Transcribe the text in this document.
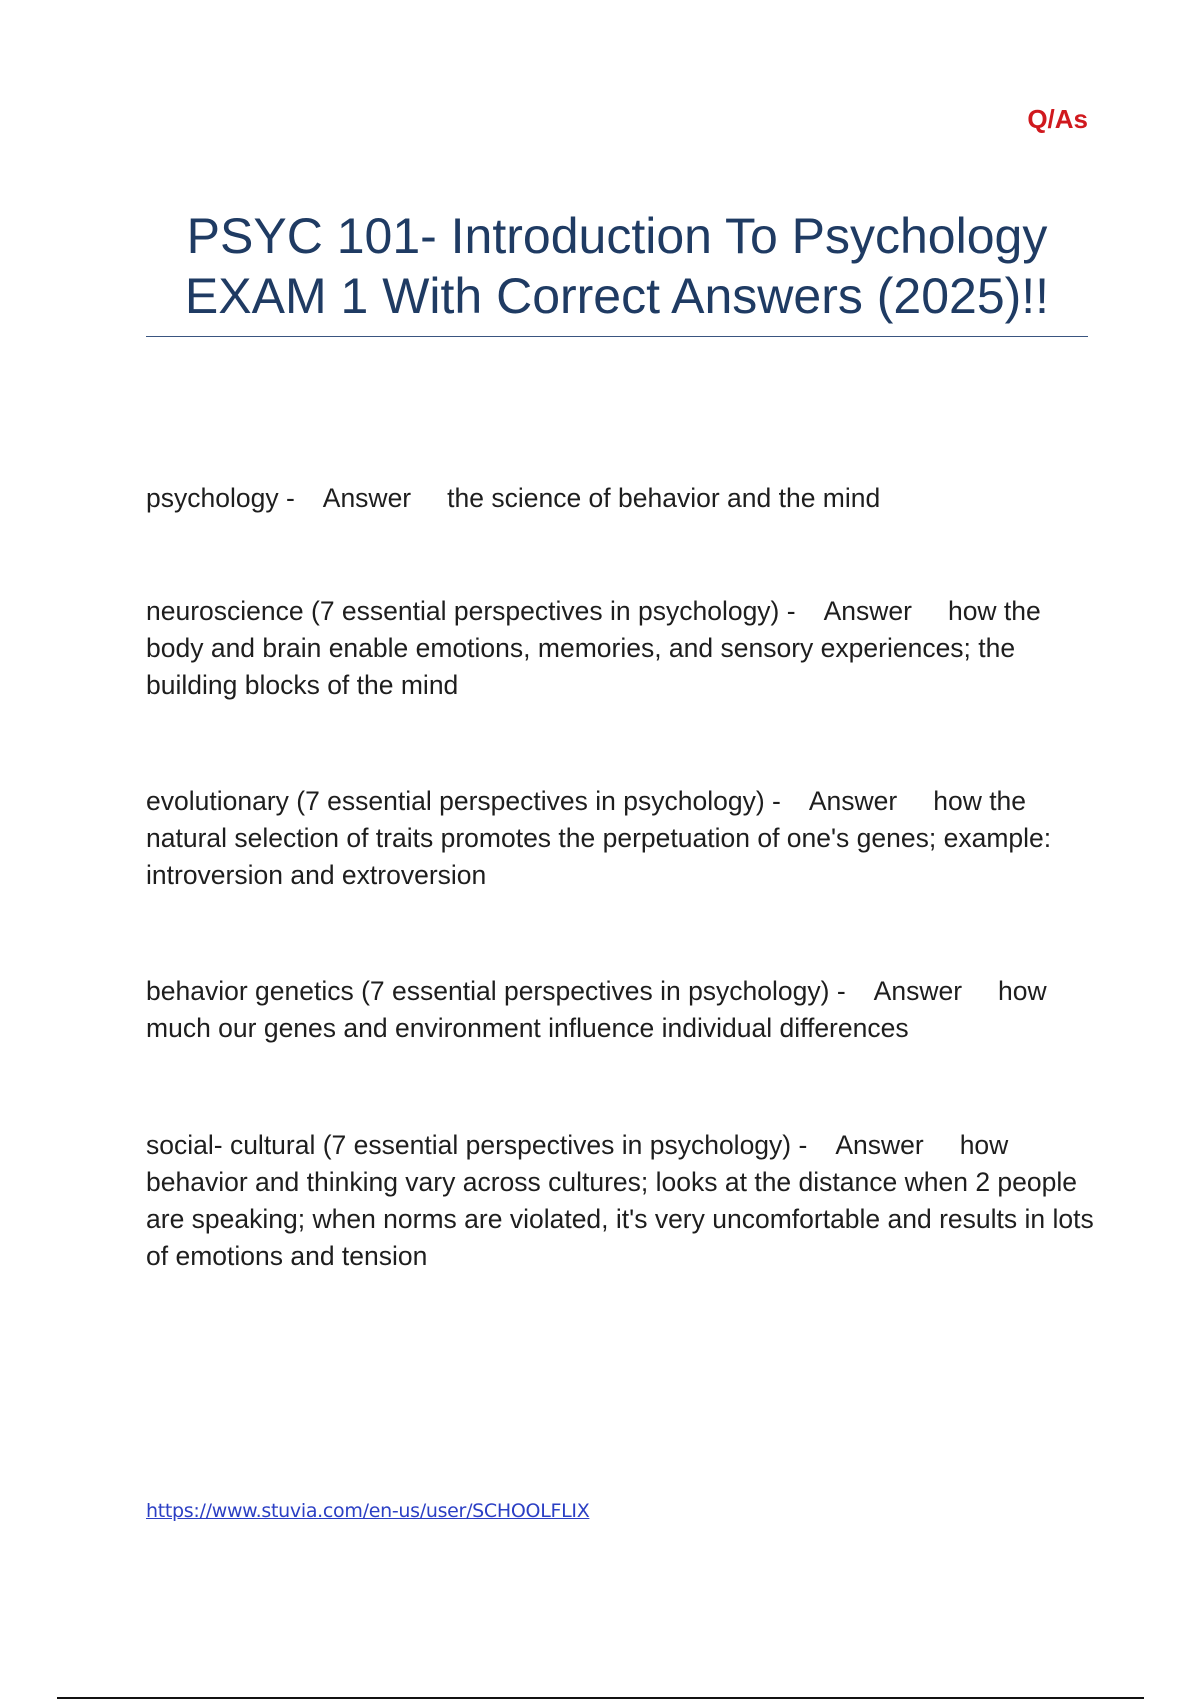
Q/As
PSYC 101- Introduction To Psychology
EXAM 1 With Correct Answers (2025)!!
psychology - Answer the science of behavior and the mind
neuroscience (7 essential perspectives in psychology) - Answer how the body and brain enable emotions, memories, and sensory experiences; the building blocks of the mind
evolutionary (7 essential perspectives in psychology) - Answer how the natural selection of traits promotes the perpetuation of one's genes; example: introversion and extroversion
behavior genetics (7 essential perspectives in psychology) - Answer how much our genes and environment influence individual differences
social- cultural (7 essential perspectives in psychology) - Answer how behavior and thinking vary across cultures; looks at the distance when 2 people are speaking; when norms are violated, it's very uncomfortable and results in lots of emotions and tension
https://www.stuvia.com/en-us/user/SCHOOLFLIX
